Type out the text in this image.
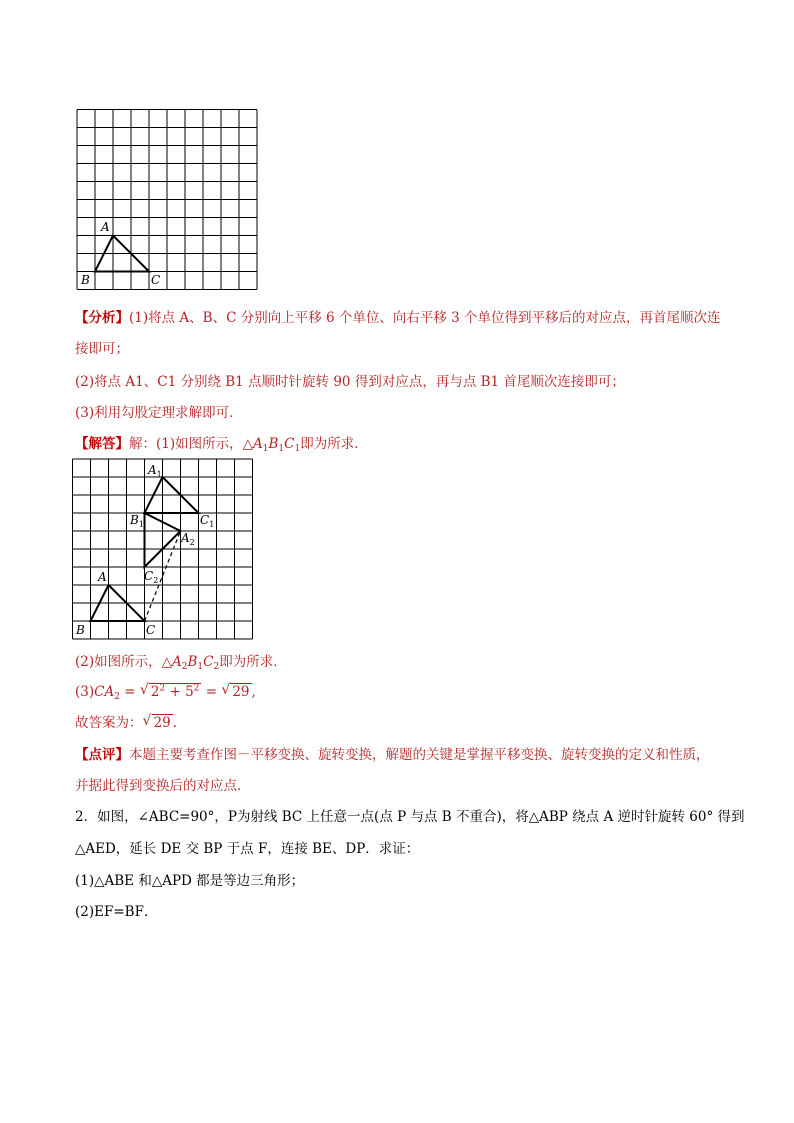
A
B	C
【分析】(1)将点 A、B、C 分别向上平移 6 个单位、向右平移 3 个单位得到平移后的对应点，再首尾顺次连
接即可；
(2)将点 A1、C1 分别绕 B1 点顺时针旋转 90 得到对应点，再与点 B1 首尾顺次连接即可；
(3)利用勾股定理求解即可．
【解答】解：(1)如图所示，$\triangle A_1B_1C_1$即为所求．
A
B	C
$A_1$
$B_1$	$C_1$
$A_2$
$C_2$
(2)如图所示，$\triangle A_2B_1C_2$即为所求．
$(3)CA_2$ = √ $2^2 + 5^2$ = √ 29 ,
故答案为： √ 29 ．
【点评】本题主要考查作图－平移变换、旋转变换，解题的关键是掌握平移变换、旋转变换的定义和性质，
并据此得到变换后的对应点．
2．如图，∠ABC=90°，P为射线 BC 上任意一点(点 P 与点 B 不重合)，将△ABP 绕点 A 逆时针旋转 60° 得到
△AED，延长 DE 交 BP 于点 F，连接 BE、DP．求证：
(1)△ABE 和△APD 都是等边三角形；
(2)EF=BF．
